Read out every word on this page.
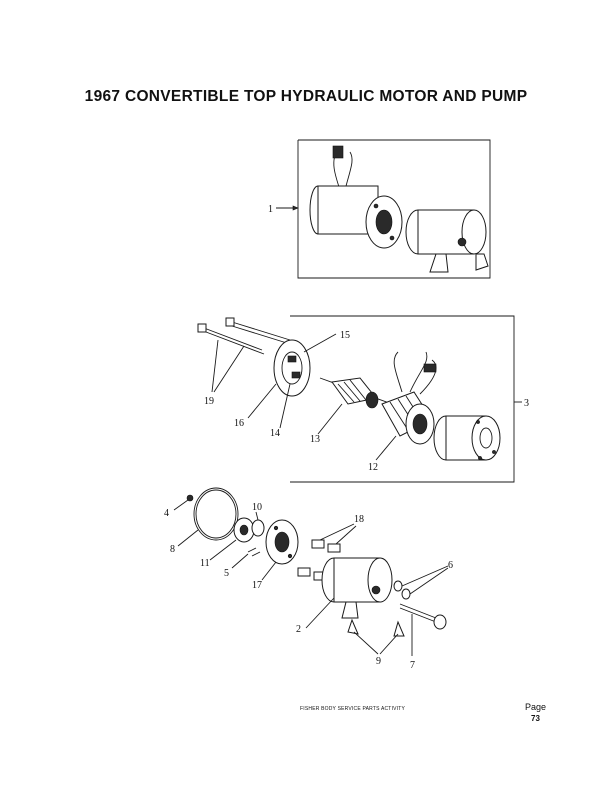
1967 CONVERTIBLE TOP HYDRAULIC MOTOR AND PUMP
1
3
19
16
14
15
13
12
4
8
11
10
5
17
18
2
9
6
7
FISHER BODY SERVICE PARTS ACTIVITY	Page
73
